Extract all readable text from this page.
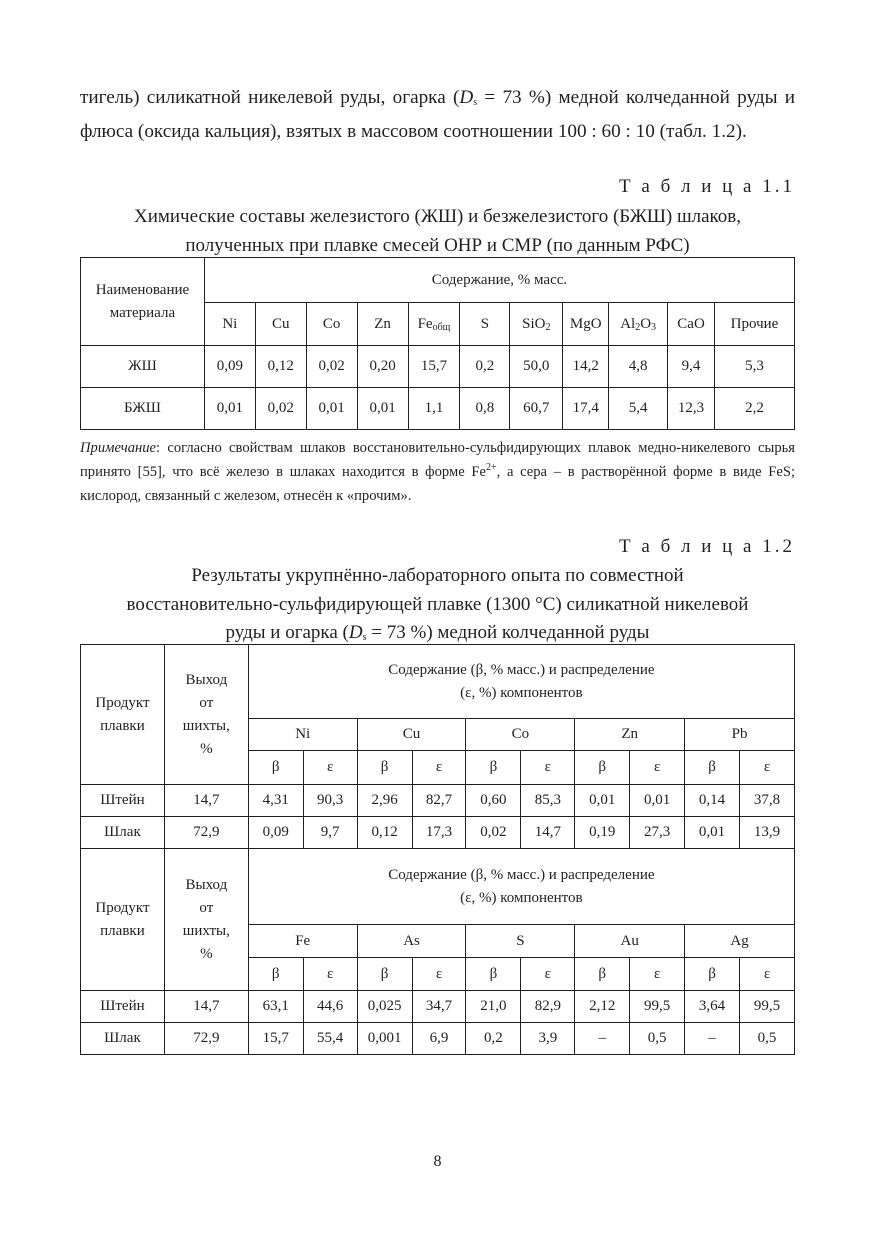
тигель) силикатной никелевой руды, огарка ($D_s = 73$ %) медной колчеданной руды и флюса (оксида кальция), взятых в массовом соотношении 100 : 60 : 10 (табл. 1.2).

Т а б л и ц а 1.1

Химические составы железистого (ЖШ) и безжелезистого (БЖШ) шлаков,
полученных при плавке смесей ОНР и СМР (по данным РФС)

Наименование материала	Содержание, % масс.										
	Ni	Cu	Co	Zn	$Fe_{общ}$	S	SiO$_2$	MgO	$Al_2O_3$	CaO	Прочие
ЖШ	0,09	0,12	0,02	0,20	15,7	0,2	50,0	14,2	4,8	9,4	5,3
БЖШ	0,01	0,02	0,01	0,01	1,1	0,8	60,7	17,4	5,4	12,3	2,2

Примечание: согласно свойствам шлаков восстановительно-сульфидирующих плавок медно-никелевого сырья принято [55], что всё железо в шлаках находится в форме $Fe^{2+}$, а сера – в растворённой форме в виде FeS; кислород, связанный с железом, отнесён к «прочим».

Т а б л и ц а 1.2

Результаты укрупнённо-лабораторного опыта по совместной
восстановительно-сульфидирующей плавке (1300 °С) силикатной никелевой
руды и огарка ($D_s = 73$ %) медной колчеданной руды

Продукт
плавки	Выход
от
шихты,
%	Содержание (β, % масс.) и распределение
(ε, %) компонентов									
		Ni		Cu		Co		Zn		Pb	
		β	ε	β	ε	β	ε	β	ε	β	ε
Штейн	14,7	4,31	90,3	2,96	82,7	0,60	85,3	0,01	0,01	0,14	37,8
Шлак	72,9	0,09	9,7	0,12	17,3	0,02	14,7	0,19	27,3	0,01	13,9
Продукт
плавки	Выход
от
шихты,
%	Содержание (β, % масс.) и распределение
(ε, %) компонентов									
		Fe		As		S		Au		Ag	
		β	ε	β	ε	β	ε	β	ε	β	ε
Штейн	14,7	63,1	44,6	0,025	34,7	21,0	82,9	2,12	99,5	3,64	99,5
Шлак	72,9	15,7	55,4	0,001	6,9	0,2	3,9	–	0,5	–	0,5
8
